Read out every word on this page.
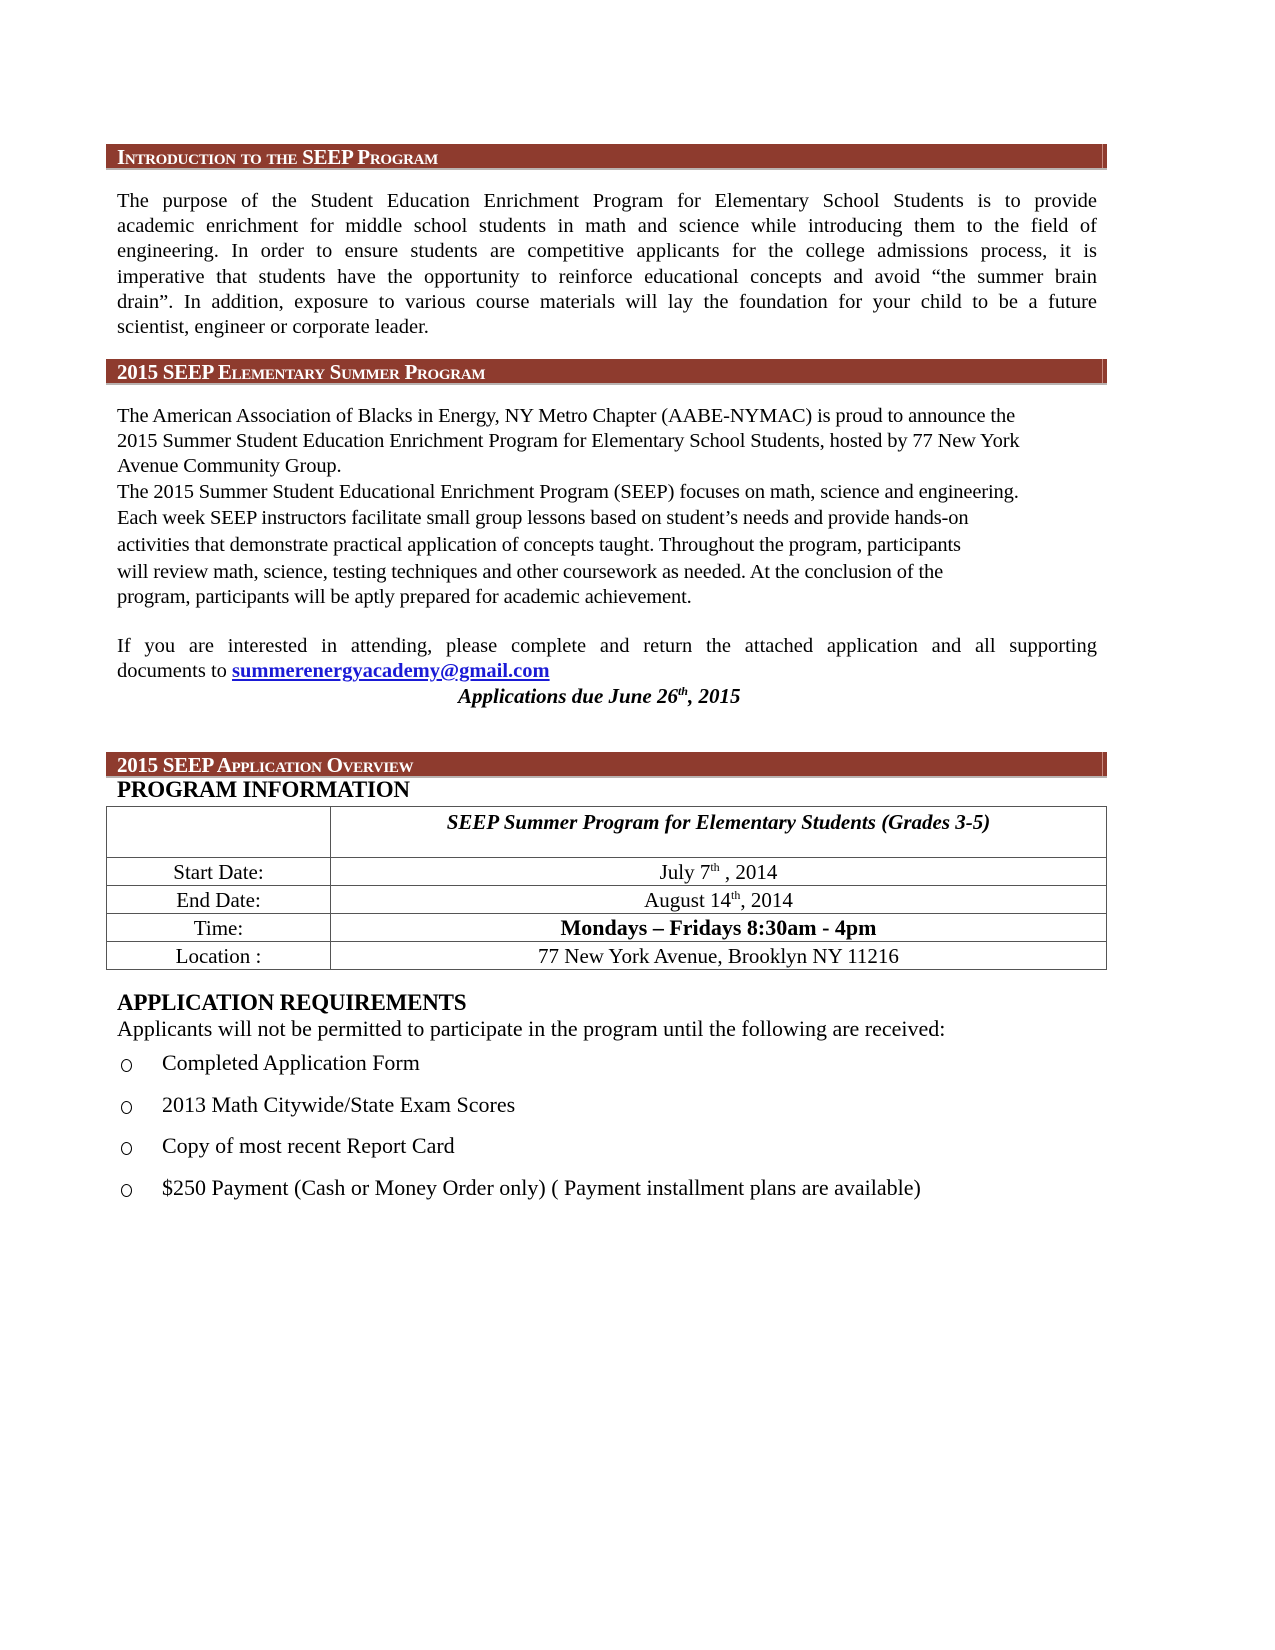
Introduction to the SEEP Program
The purpose of the Student Education Enrichment Program for Elementary School Students is to provide
academic enrichment for middle school students in math and science while introducing them to the field of
engineering. In order to ensure students are competitive applicants for the college admissions process, it is
imperative that students have the opportunity to reinforce educational concepts and avoid “the summer brain
drain”. In addition, exposure to various course materials will lay the foundation for your child to be a future
scientist, engineer or corporate leader.
2015 SEEP Elementary Summer Program
The American Association of Blacks in Energy, NY Metro Chapter (AABE-NYMAC) is proud to announce the
2015 Summer Student Education Enrichment Program for Elementary School Students, hosted by 77 New York
Avenue Community Group.
The 2015 Summer Student Educational Enrichment Program (SEEP) focuses on math, science and engineering.
Each week SEEP instructors facilitate small group lessons based on student’s needs and provide hands-on
activities that demonstrate practical application of concepts taught. Throughout the program, participants
will review math, science, testing techniques and other coursework as needed. At the conclusion of the
program, participants will be aptly prepared for academic achievement.
If you are interested in attending, please complete and return the attached application and all supporting
documents to summerenergyacademy@gmail.com
Applications due June 26th, 2015
2015 SEEP Application Overview
PROGRAM INFORMATION
	SEEP Summer Program for Elementary Students (Grades 3-5)
Start Date:	July 7th , 2014
End Date:	August 14th, 2014
Time:	Mondays – Fridays 8:30am - 4pm
Location :	77 New York Avenue, Brooklyn NY 11216
APPLICATION REQUIREMENTS
Applicants will not be permitted to participate in the program until the following are received:
Completed Application Form
2013 Math Citywide/State Exam Scores
Copy of most recent Report Card
$250 Payment (Cash or Money Order only) ( Payment installment plans are available)
